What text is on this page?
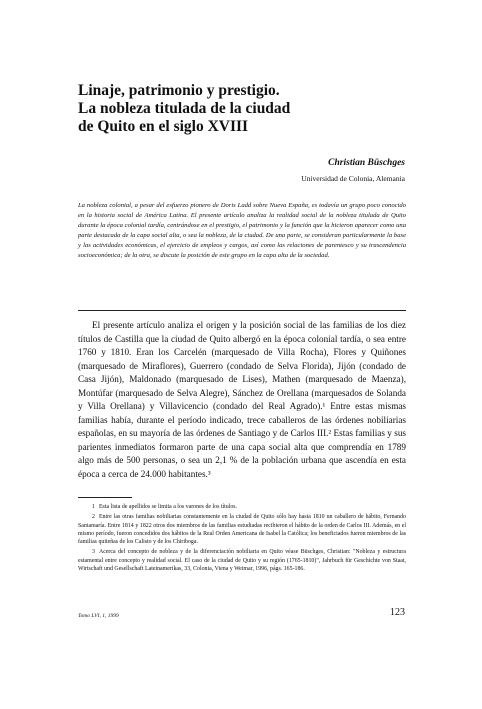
Linaje, patrimonio y prestigio.
La nobleza titulada de la ciudad
de Quito en el siglo XVIII
Christian Büschges
Universidad de Colonia, Alemania

La nobleza colonial, a pesar del esfuerzo pionero de Doris Ladd sobre Nueva España, es todavía un grupo poco conocido en la historia social de América Latina. El presente artículo analiza la realidad social de la nobleza titulada de Quito durante la época colonial tardía, centrándose en el prestigio, el patrimonio y la función que la hicieron aparecer como una parte destacada de la capa social alta, o sea la nobleza, de la ciudad. De una parte, se consideran particularmente la base y las actividades económicas, el ejercicio de empleos y cargos, así como las relaciones de parentesco y su trascendencia socioeconómica; de la otra, se discute la posición de este grupo en la capa alta de la sociedad.

El presente artículo analiza el origen y la posición social de las familias de los diez títulos de Castilla que la ciudad de Quito albergó en la época colonial tardía, o sea entre 1760 y 1810. Eran los Carcelén (marquesado de Villa Rocha), Flores y Quiñones (marquesado de Miraflores), Guerrero (condado de Selva Florida), Jijón (condado de Casa Jijón), Maldonado (marquesado de Lises), Mathen (marquesado de Maenza), Montúfar (marquesado de Selva Alegre), Sánchez de Orellana (marquesados de Solanda y Villa Orellana) y Villavicencio (condado del Real Agrado).¹ Entre estas mismas familias había, durante el período indicado, trece caballeros de las órdenes nobiliarias españolas, en su mayoría de las órdenes de Santiago y de Carlos III.² Estas familias y sus parientes inmediatos formaron parte de una capa social alta que comprendía en 1789 algo más de 500 personas, o sea un 2,1 % de la población urbana que ascendía en esta época a cerca de 24.000 habitantes.³

1 Esta lista de apellidos se limita a los varones de los títulos.

2 Entre las otras familias nobiliarias constantemente en la ciudad de Quito sólo hay hasta 1810 un caballero de hábito, Fernando Santamaría. Entre 1814 y 1822 otros dos miembros de las familias estudiadas recibieron el hábito de la orden de Carlos III. Además, en el mismo período, fueron concedidos dos hábitos de la Real Orden Americana de Isabel la Católica; los beneficiados fueron miembros de las familias quiteñas de los Calisto y de los Chiriboga.

3 Acerca del concepto de nobleza y de la diferenciación nobiliaria en Quito véase Büschges, Christian: "Nobleza y estructura estamental entre concepto y realidad social. El caso de la ciudad de Quito y su región (1765-1810)", Jahrbuch für Geschichte von Staat, Wirtschaft und Gesellschaft Lateinamerikas, 33, Colonia, Viena y Weimar, 1996, págs. 165-186.

Tomo LVI, 1, 1999	123
